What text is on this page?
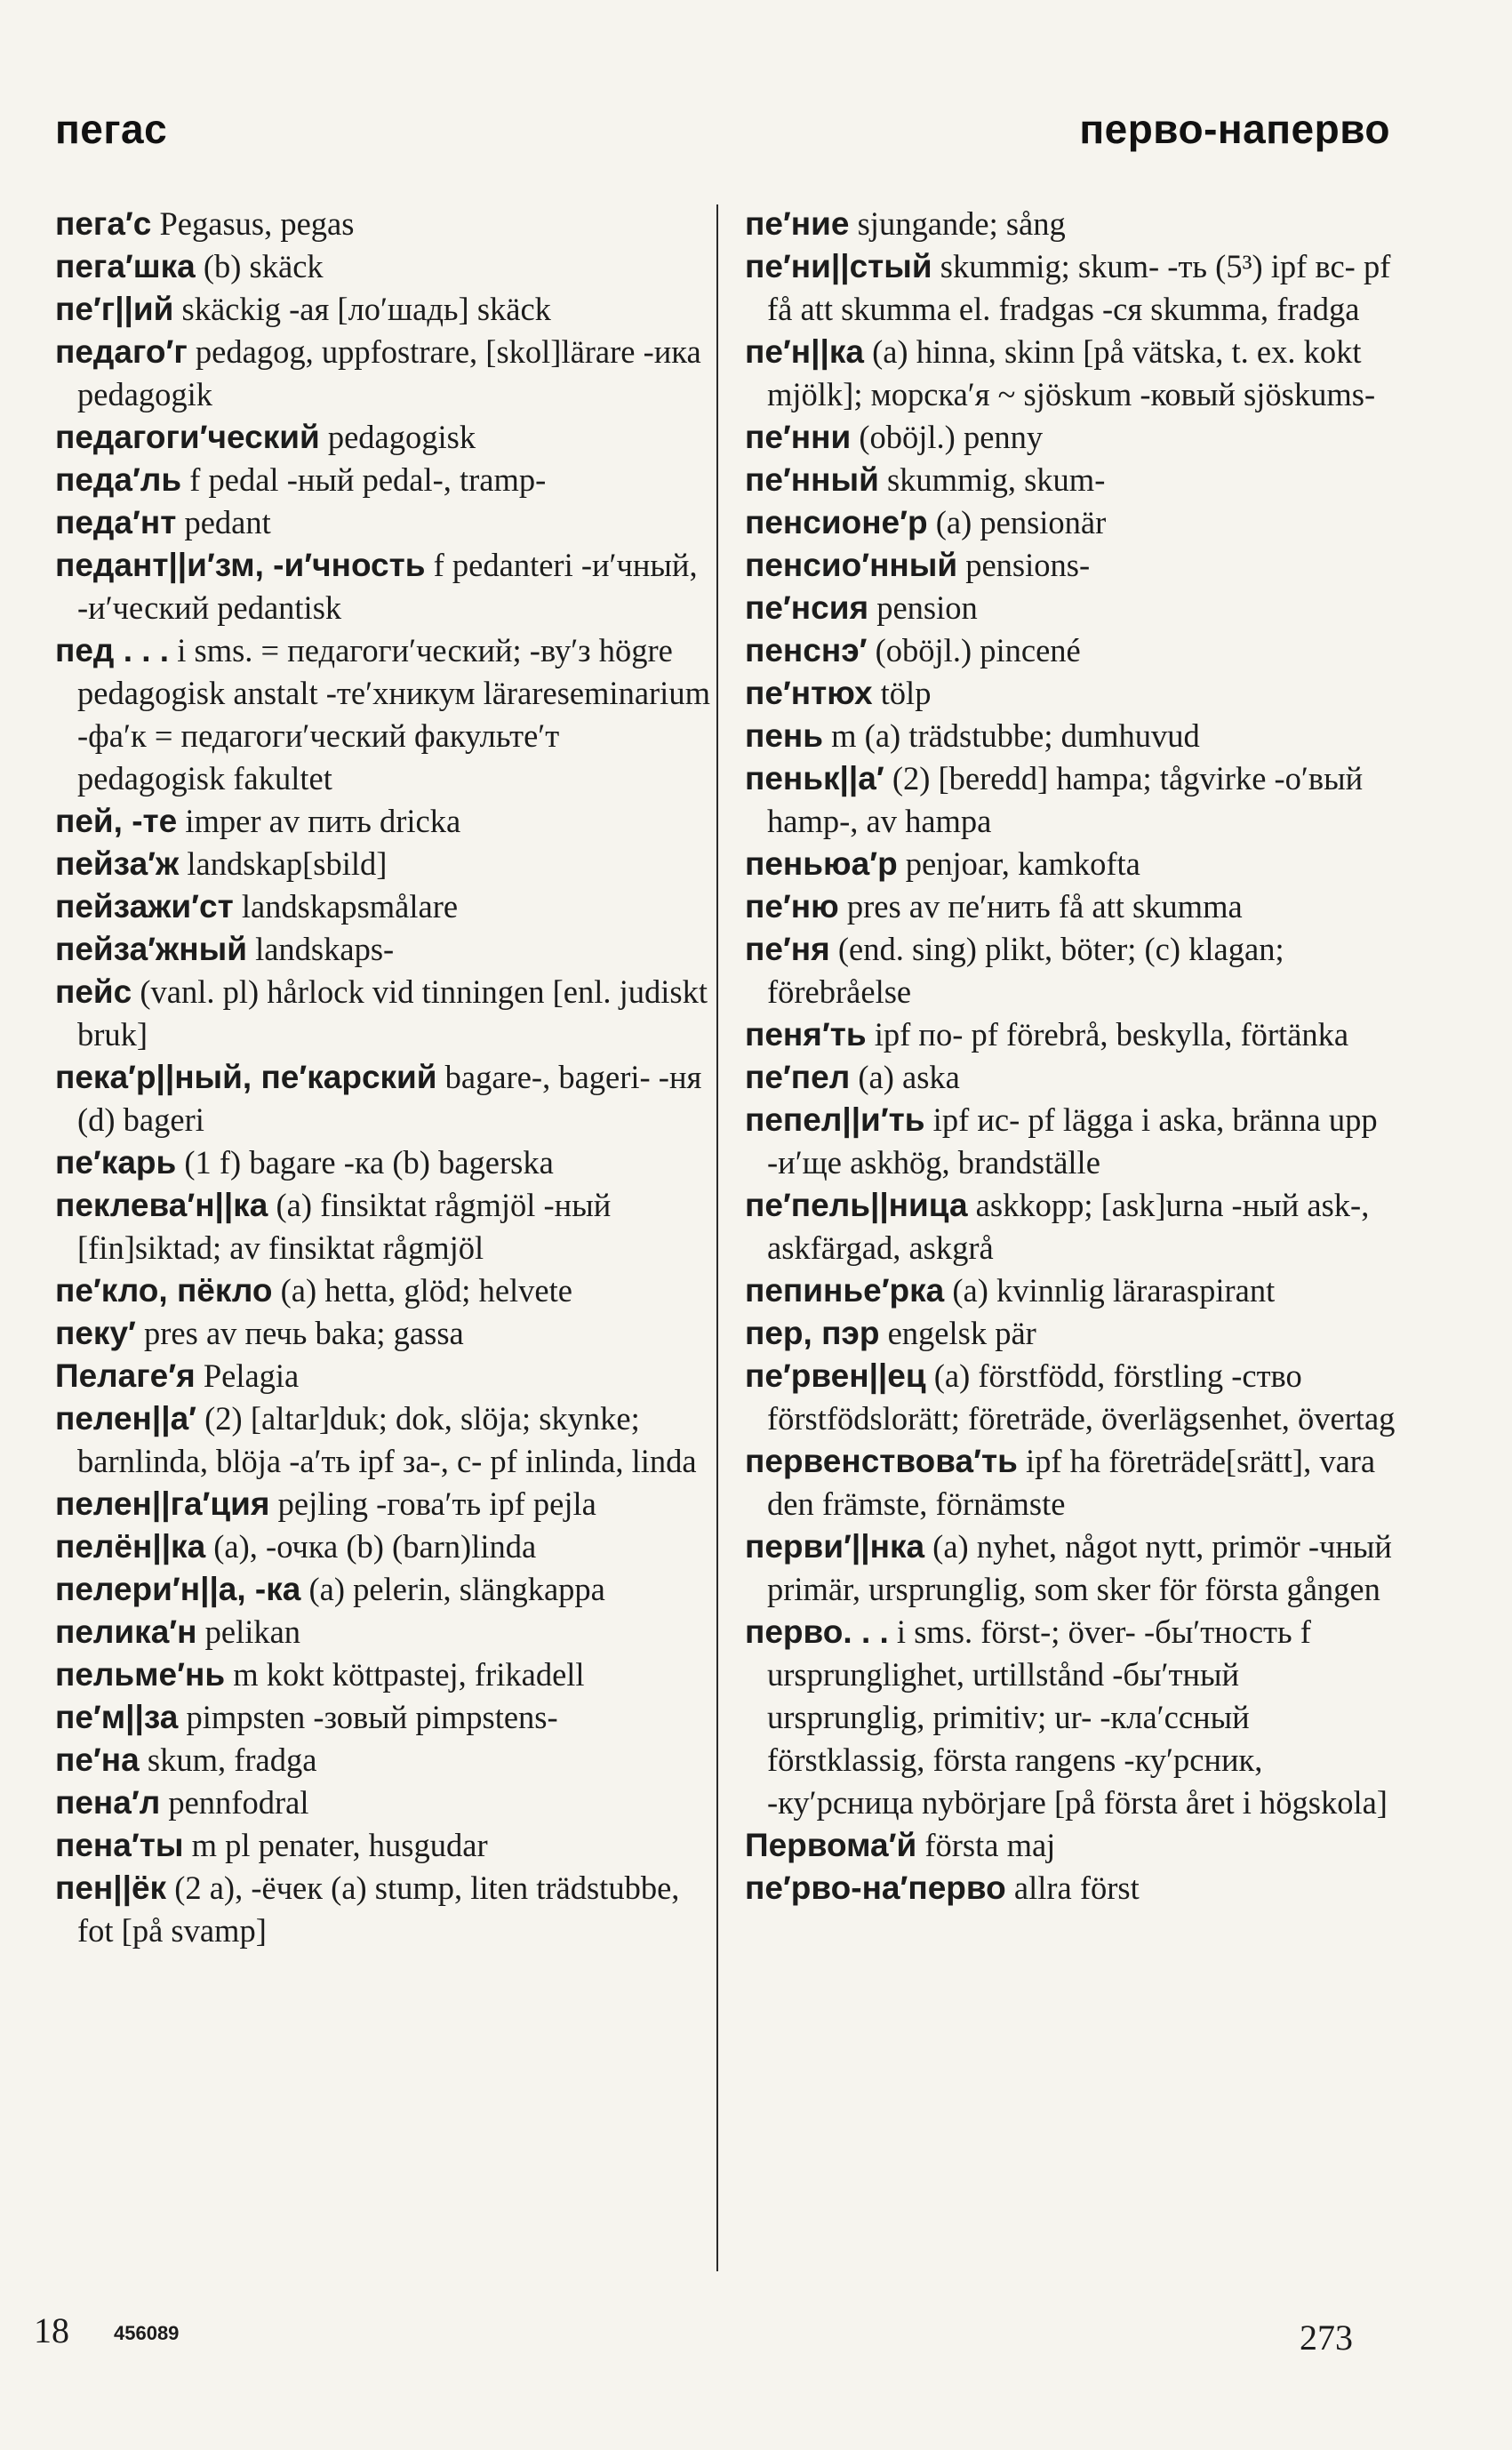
пегас	перво-наперво
пега′с Pegasus, pegas
пега′шка (b) skäck
пе′г||ий skäckig -ая [ло′шадь] skäck
педаго′г pedagog, uppfostrare, [skol]lärare -ика pedagogik
педагоги′ческий pedagogisk
педа′ль f pedal -ный pedal-, tramp-
педа′нт pedant
педант||и′зм, -и′чность f pedanteri -и′чный, -и′ческий pedantisk
пед . . . i sms. = педагоги′ческий; -ву′з högre pedagogisk anstalt -те′хникум lärareseminarium -фа′к = педагоги′ческий факульте′т pedagogisk fakultet
пей, -те imper av пить dricka
пейза′ж landskap[sbild]
пейзажи′ст landskapsmålare
пейза′жный landskaps-
пейс (vanl. pl) hårlock vid tinningen [enl. judiskt bruk]
пека′р||ный, пе′карский bagare-, bageri- -ня (d) bageri
пе′карь (1 f) bagare -ка (b) bagerska
пеклева′н||ка (a) finsiktat rågmjöl -ный [fin]siktad; av finsiktat rågmjöl
пе′кло, пёкло (a) hetta, glöd; helvete
пеку′ pres av печь baka; gassa
Пелаге′я Pelagia
пелен||а′ (2) [altar]duk; dok, slöja; skynke; barnlinda, blöja -а′ть ipf за-, с- pf inlinda, linda
пелен||га′ция pejling -гова′ть ipf pejla
пелён||ка (a), -очка (b) (barn)linda
пелери′н||а, -ка (a) pelerin, slängkappa
пелика′н pelikan
пельме′нь m kokt köttpastej, frikadell
пе′м||за pimpsten -зовый pimpstens-
пе′на skum, fradga
пена′л pennfodral
пена′ты m pl penater, husgudar
пен||ёк (2 a), -ёчек (a) stump, liten trädstubbe, fot [på svamp]
пе′ние sjungande; sång
пе′ни||стый skummig; skum- -ть (5³) ipf вс- pf få att skumma el. fradgas -ся skumma, fradga
пе′н||ка (a) hinna, skinn [på vätska, t. ex. kokt mjölk]; морска′я ~ sjöskum -ковый sjöskums-
пе′нни (oböjl.) penny
пе′нный skummig, skum-
пенсионе′р (a) pensionär
пенсио′нный pensions-
пе′нсия pension
пенснэ′ (oböjl.) pincené
пе′нтюх tölp
пень m (a) trädstubbe; dumhuvud
пеньк||а′ (2) [beredd] hampa; tågvirke -о′вый hamp-, av hampa
пеньюа′р penjoar, kamkofta
пе′ню pres av пе′нить få att skumma
пе′ня (end. sing) plikt, böter; (c) klagan; förebråelse
пеня′ть ipf по- pf förebrå, beskylla, förtänka
пе′пел (a) aska
пепел||и′ть ipf ис- pf lägga i aska, bränna upp -и′ще askhög, brandställe
пе′пель||ница askkopp; [ask]urna -ный ask-, askfärgad, askgrå
пепинье′рка (a) kvinnlig läraraspirant
пер, пэр engelsk pär
пе′рвен||ец (a) förstfödd, förstling -ство förstfödslorätt; företräde, överlägsenhet, övertag
первенствова′ть ipf ha företräde[srätt], vara den främste, förnämste
перви′||нка (a) nyhet, något nytt, primör -чный primär, ursprunglig, som sker för första gången
перво. . . i sms. först-; över- -бы′тность f ursprunglighet, urtillstånd -бы′тный ursprunglig, primitiv; ur- -кла′ссный förstklassig, första rangens -ку′рсник, -ку′рсница nybörjare [på första året i högskola]
Первома′й första maj
пе′рво-на′перво allra först
18 456089	273
